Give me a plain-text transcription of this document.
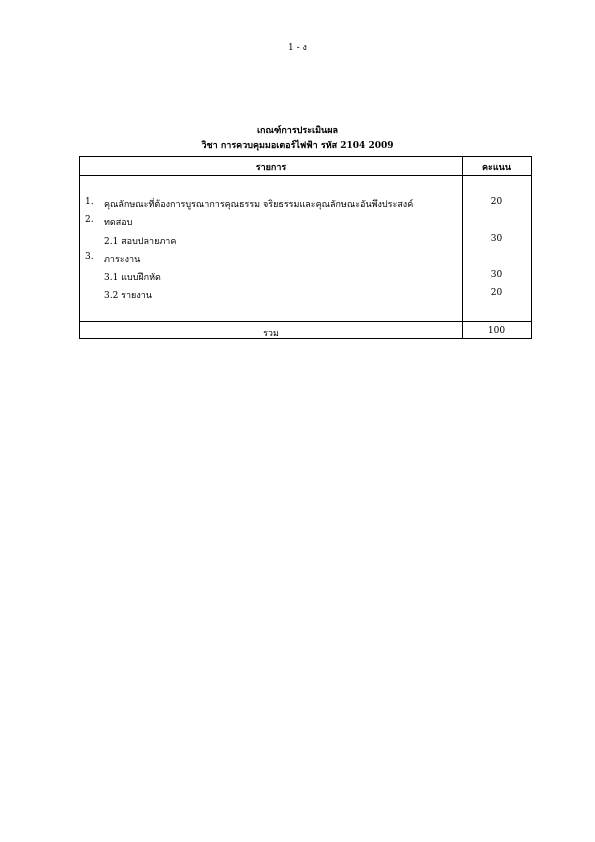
1 - ง
เกณฑ์การประเมินผล
วิชา การควบคุมมอเตอร์ไฟฟ้า รหัส 2104 2009
รายการ	คะแนน
1. คุณลักษณะที่ต้องการบูรณาการคุณธรรม จริยธรรมและคุณลักษณะอันพึงประสงค์	20
2. ทดสอบ
2.1 สอบปลายภาค	30
3. ภาระงาน
3.1 แบบฝึกหัด	30
3.2 รายงาน	20
รวม	100
